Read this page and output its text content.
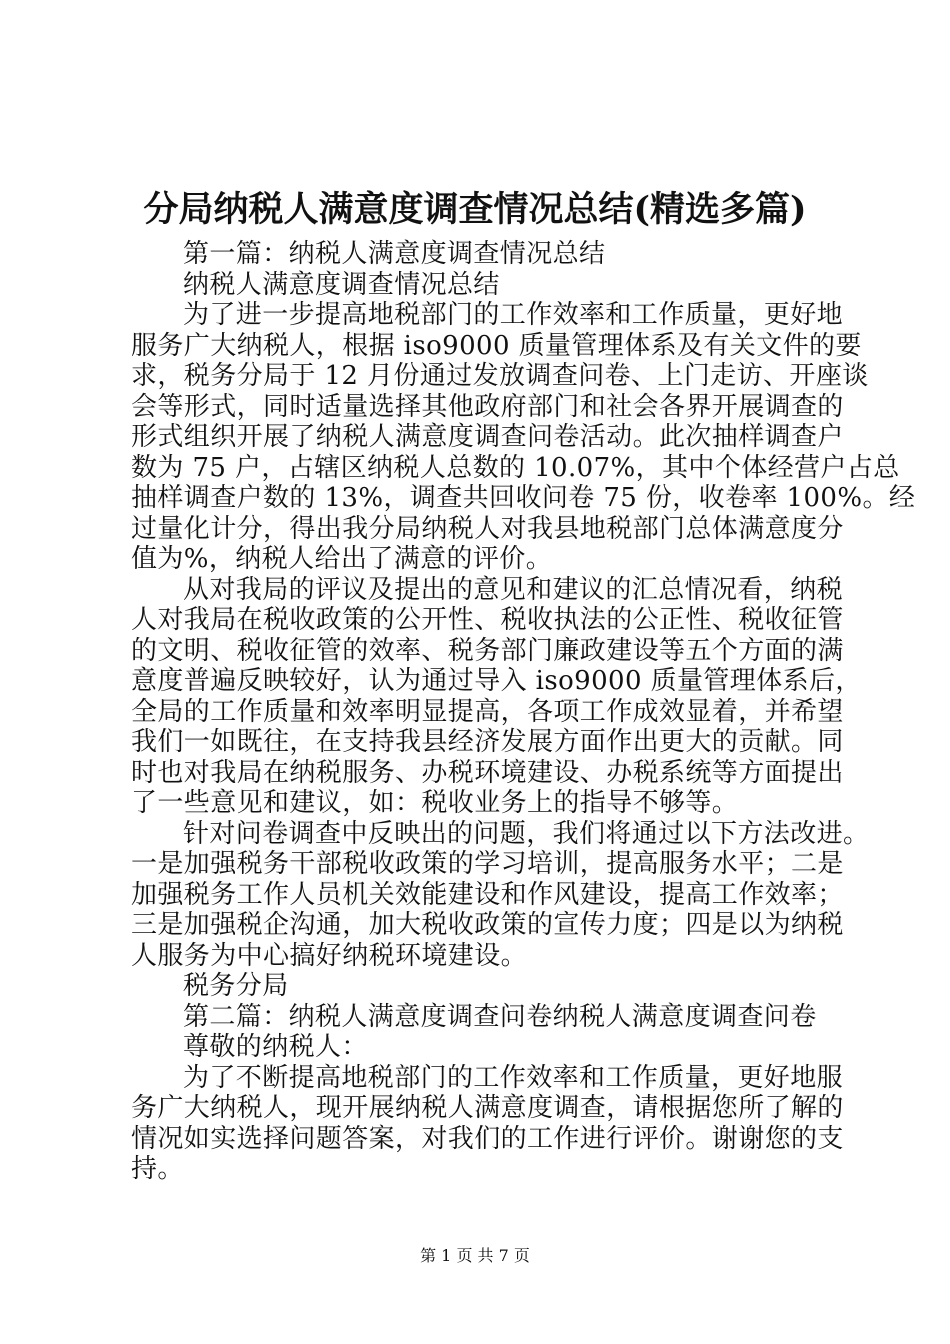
分局纳税人满意度调查情况总结(精选多篇)
第一篇：纳税人满意度调查情况总结
纳税人满意度调查情况总结
为了进一步提高地税部门的工作效率和工作质量，更好地
服务广大纳税人，根据 iso9000 质量管理体系及有关文件的要
求，税务分局于 12 月份通过发放调查问卷、上门走访、开座谈
会等形式，同时适量选择其他政府部门和社会各界开展调查的
形式组织开展了纳税人满意度调查问卷活动。此次抽样调查户
数为 75 户，占辖区纳税人总数的 10.07%，其中个体经营户占总
抽样调查户数的 13%，调查共回收问卷 75 份，收卷率 100%。经
过量化计分，得出我分局纳税人对我县地税部门总体满意度分
值为%，纳税人给出了满意的评价。
从对我局的评议及提出的意见和建议的汇总情况看，纳税
人对我局在税收政策的公开性、税收执法的公正性、税收征管
的文明、税收征管的效率、税务部门廉政建设等五个方面的满
意度普遍反映较好，认为通过导入 iso9000 质量管理体系后，
全局的工作质量和效率明显提高，各项工作成效显着，并希望
我们一如既往，在支持我县经济发展方面作出更大的贡献。同
时也对我局在纳税服务、办税环境建设、办税系统等方面提出
了一些意见和建议，如：税收业务上的指导不够等。
针对问卷调查中反映出的问题，我们将通过以下方法改进。
一是加强税务干部税收政策的学习培训，提高服务水平；二是
加强税务工作人员机关效能建设和作风建设，提高工作效率；
三是加强税企沟通，加大税收政策的宣传力度；四是以为纳税
人服务为中心搞好纳税环境建设。
税务分局
第二篇：纳税人满意度调查问卷纳税人满意度调查问卷
尊敬的纳税人：
为了不断提高地税部门的工作效率和工作质量，更好地服
务广大纳税人，现开展纳税人满意度调查，请根据您所了解的
情况如实选择问题答案，对我们的工作进行评价。谢谢您的支
持。
第 1 页 共 7 页
